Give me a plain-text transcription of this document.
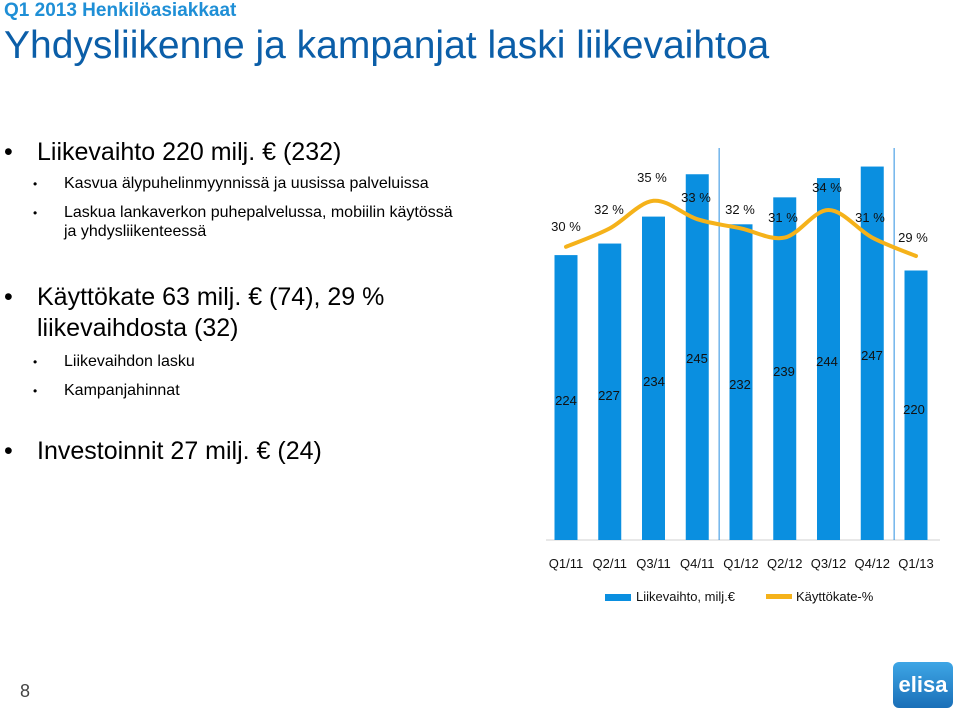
Q1 2013 Henkilöasiakkaat
Yhdysliikenne ja kampanjat laski liikevaihtoa
• Liikevaihto 220 milj. € (232)
• Kasvua älypuhelinmyynnissä ja uusissa palveluissa
• Laskua lankaverkon puhepalvelussa, mobiilin käytössä
ja yhdysliikenteessä
• Käyttökate 63 milj. € (74), 29 %
liikevaihdosta (32)
• Liikevaihdon lasku
• Kampanjahinnat
• Investoinnit 27 milj. € (24)
30 %
32 %
35 %
33 %
32 %
31 %
34 %
31 %
29 %
224 227
234
245
232
239
244 247
220
Q1/11 Q2/11 Q3/11 Q4/11 Q1/12 Q2/12 Q3/12 Q4/12 Q1/13
Liikevaihto, milj.€	Käyttökate-%
8	elisa
